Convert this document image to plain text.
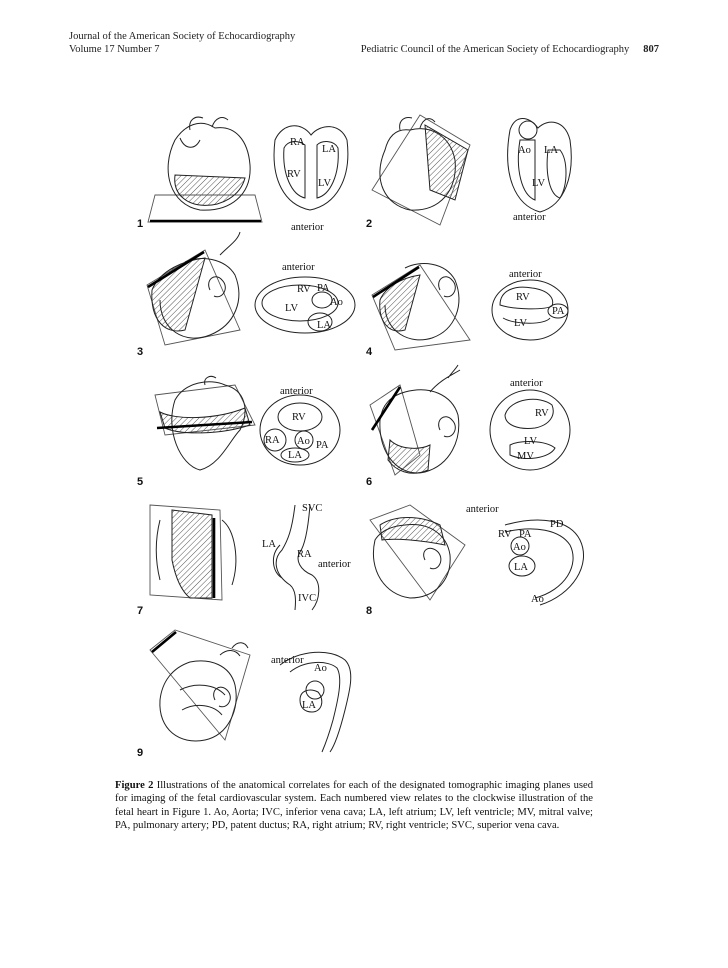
Journal of the American Society of Echocardiography
Volume 17 Number 7	Pediatric Council of the American Society of Echocardiography 807
RA
LA
RV
LV
anterior
1
Ao LA
LV
anterior
2
anterior
RV PA
Ao
LV
LA
3
anterior
RV
PA
LV
4
anterior
RV
RA Ao PA
LA
5
anterior
RV
LV
MV
6
SVC
LA
RA
anterior
IVC
7
anterior
PD
RV PA
Ao
LA
Ao
8
anterior
Ao
LA
9
Figure 2 Illustrations of the anatomical correlates for each of the designated tomographic imaging planes used for imaging of the fetal cardiovascular system. Each numbered view relates to the clockwise illustration of the fetal heart in Figure 1. Ao, Aorta; IVC, inferior vena cava; LA, left atrium; LV, left ventricle; MV, mitral valve; PA, pulmonary artery; PD, patent ductus; RA, right atrium; RV, right ventricle; SVC, superior vena cava.
